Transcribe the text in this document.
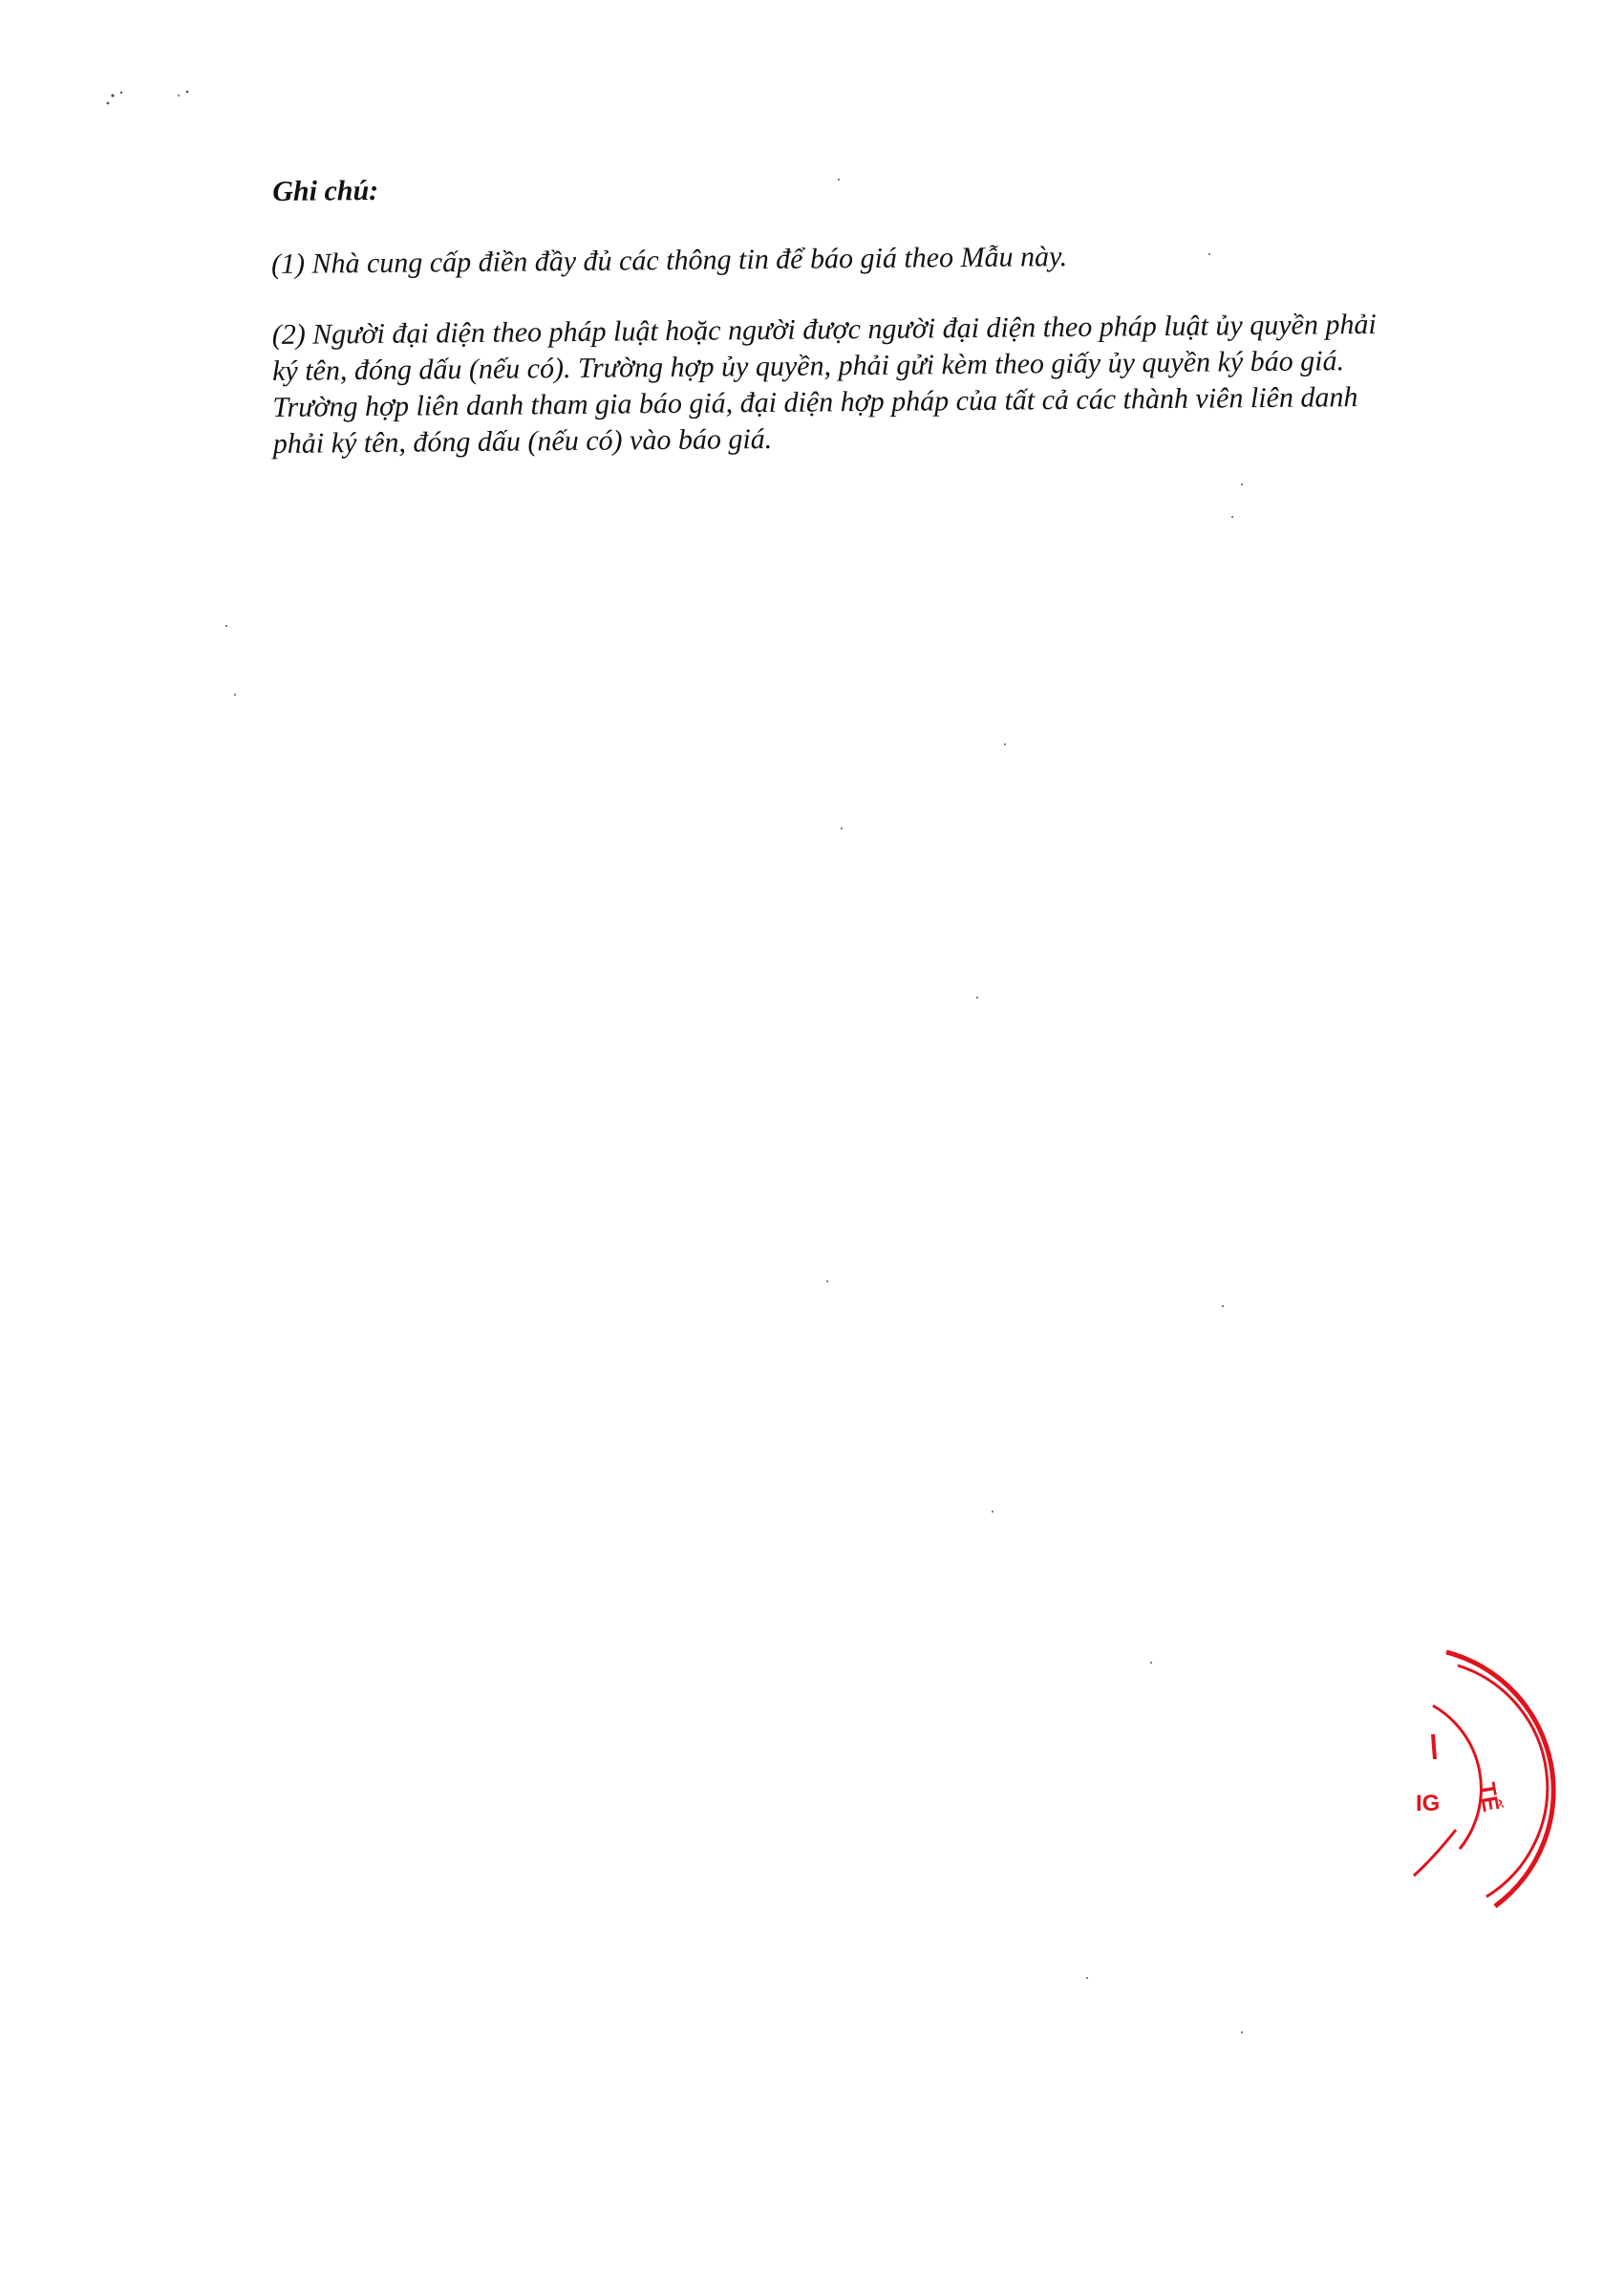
Ghi chú:
(1) Nhà cung cấp điền đầy đủ các thông tin để báo giá theo Mẫu này.
(2) Người đại diện theo pháp luật hoặc người được người đại diện theo pháp luật ủy quyền phải
ký tên, đóng dấu (nếu có). Trường hợp ủy quyền, phải gửi kèm theo giấy ủy quyền ký báo giá.
Trường hợp liên danh tham gia báo giá, đại diện hợp pháp của tất cả các thành viên liên danh
phải ký tên, đóng dấu (nếu có) vào báo giá.
TẾ
IG
